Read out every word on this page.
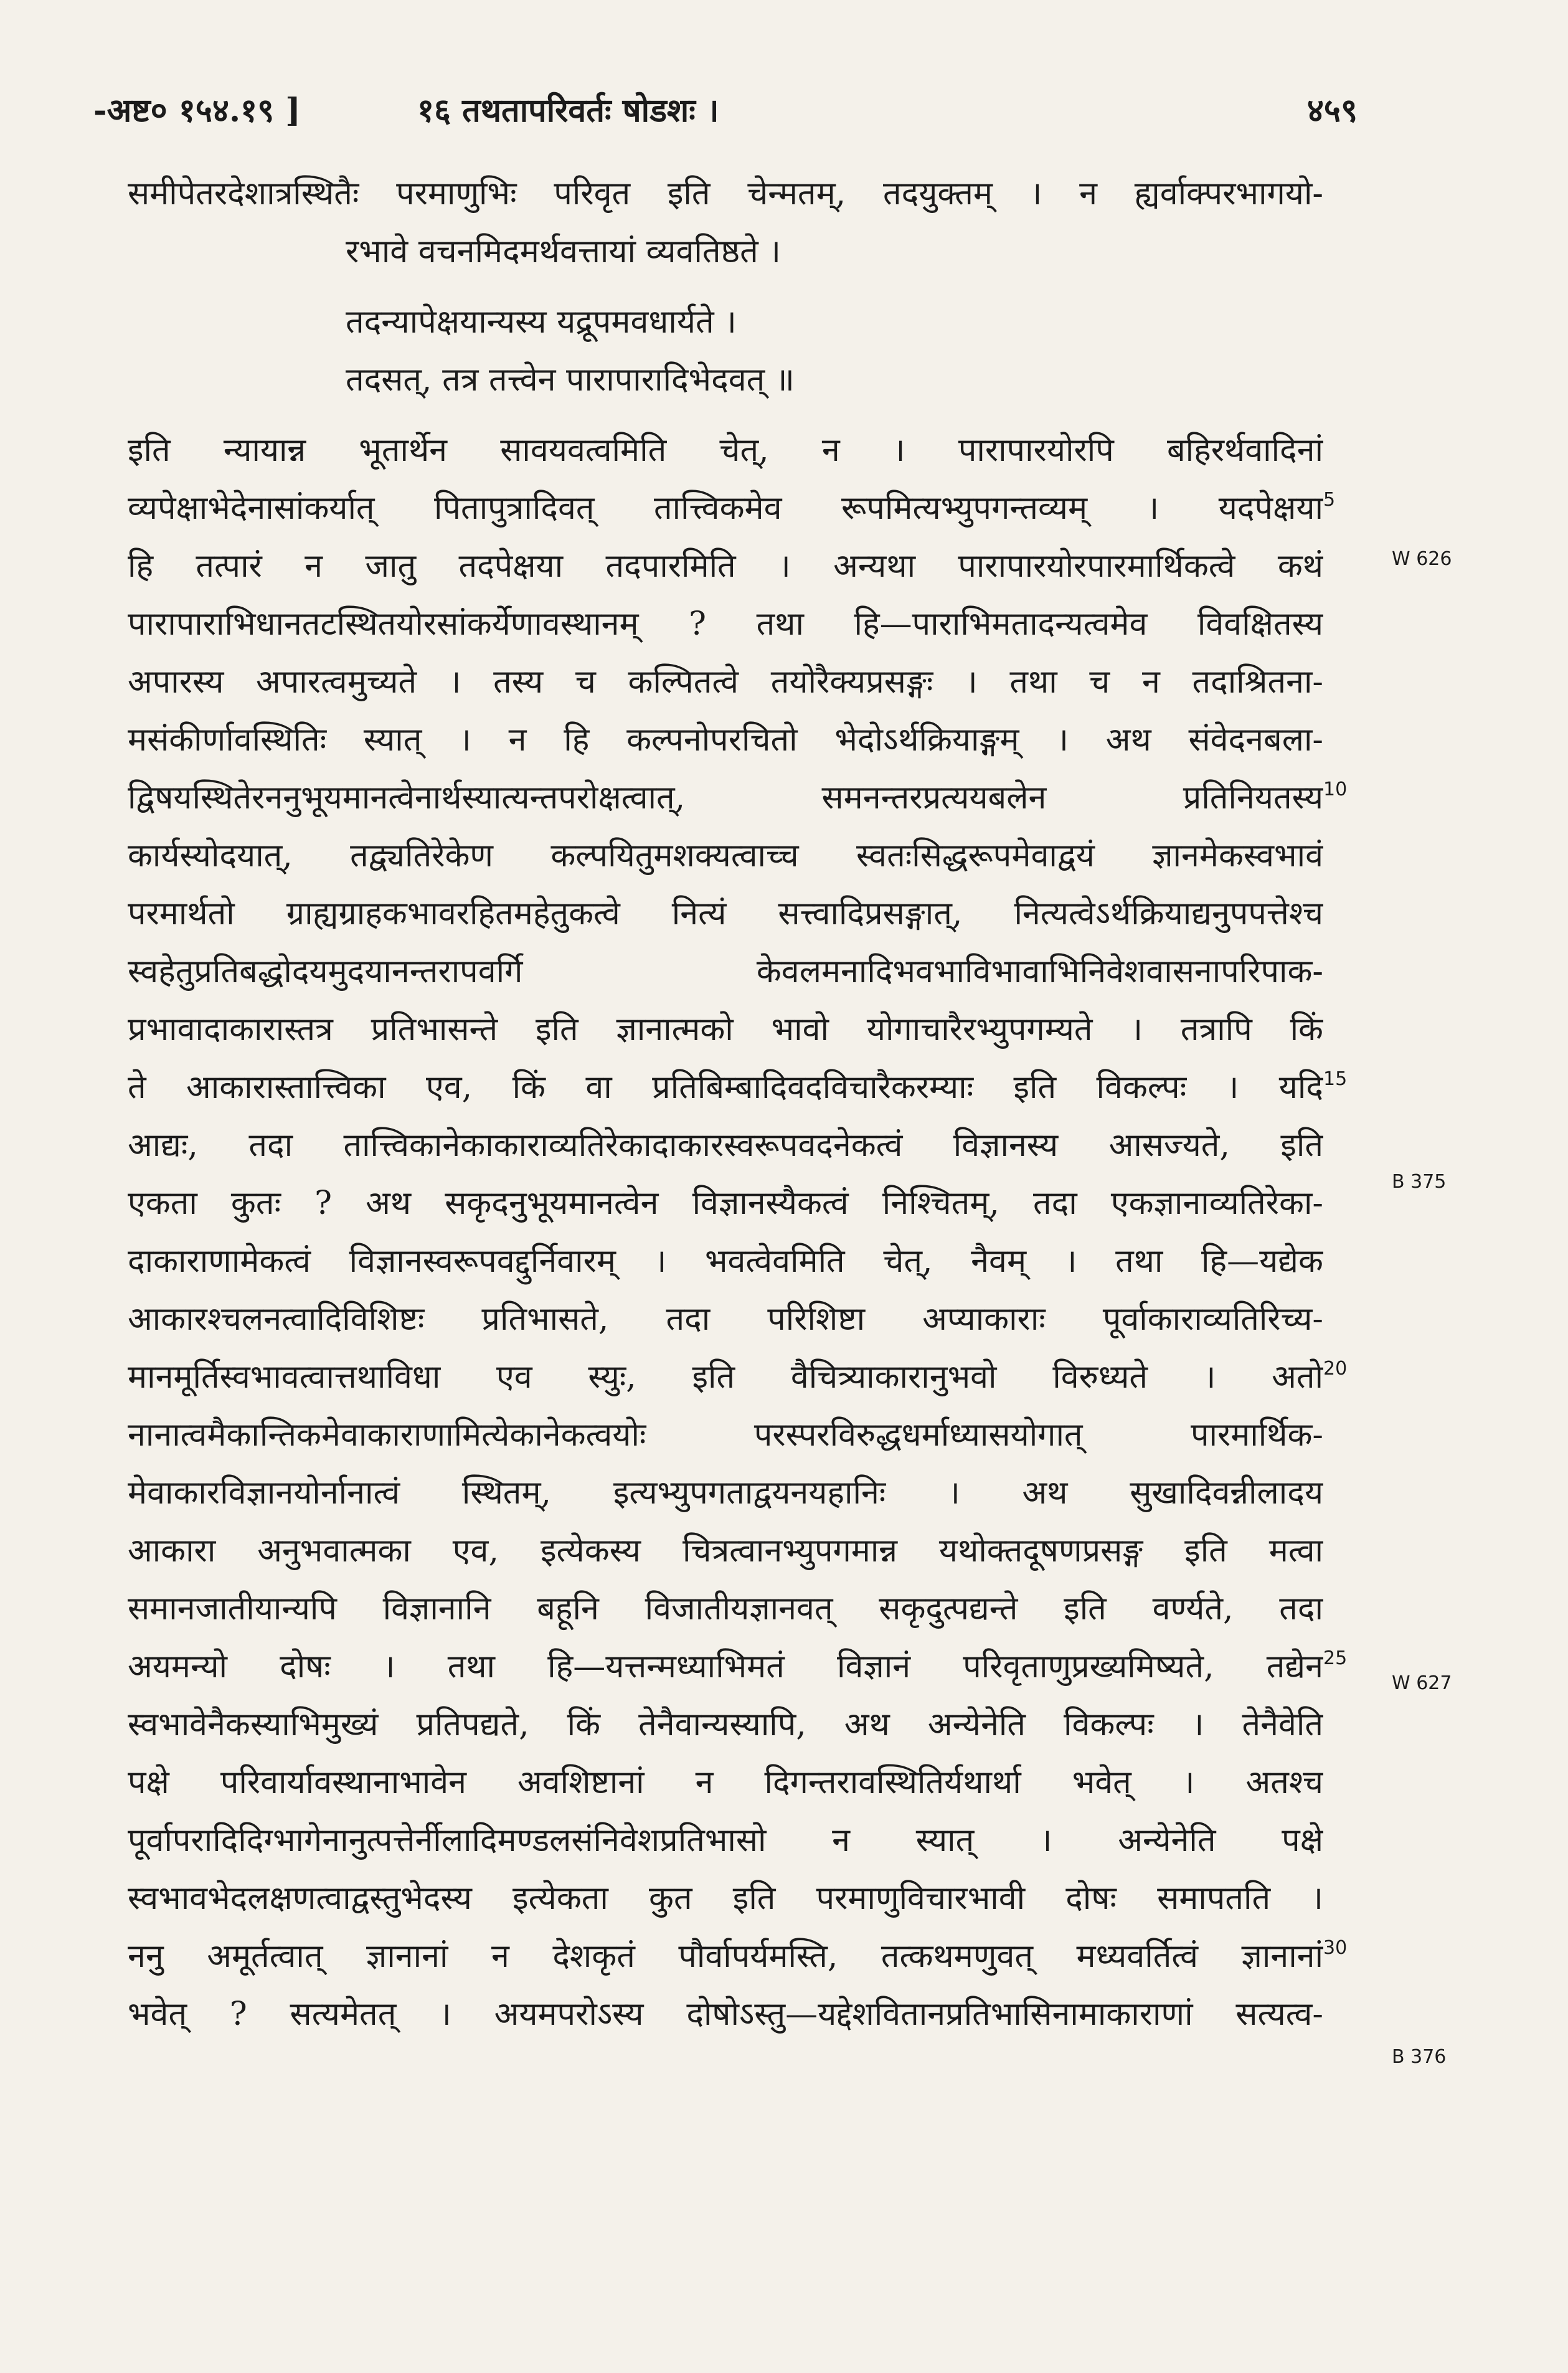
-अष्ट० १५४.१९ ]	१६ तथतापरिवर्तः षोडशः ।	४५९
समीपेतरदेशात्रस्थितैः परमाणुभिः परिवृत इति चेन्मतम्, तदयुक्तम् । न ह्यर्वाक्परभागयो-
रभावे वचनमिदमर्थवत्तायां व्यवतिष्ठते ।
तदन्यापेक्षयान्यस्य यद्रूपमवधार्यते ।
तदसत्, तत्र तत्त्वेन पारापारादिभेदवत् ॥
इति न्यायान्न भूतार्थेन सावयवत्वमिति चेत्, न । पारापारयोरपि बहिरर्थवादिनां
व्यपेक्षाभेदेनासांकर्यात् पितापुत्रादिवत् तात्त्विकमेव रूपमित्यभ्युपगन्तव्यम् । यदपेक्षया
हि तत्पारं न जातु तदपेक्षया तदपारमिति । अन्यथा पारापारयोरपारमार्थिकत्वे कथं
पारापाराभिधानतटस्थितयोरसांकर्येणावस्थानम् ? तथा हि—पाराभिमतादन्यत्वमेव विवक्षितस्य
अपारस्य अपारत्वमुच्यते । तस्य च कल्पितत्वे तयोरैक्यप्रसङ्गः । तथा च न तदाश्रितना-
मसंकीर्णावस्थितिः स्यात् । न हि कल्पनोपरचितो भेदोऽर्थक्रियाङ्गम् । अथ संवेदनबला-
द्विषयस्थितेरननुभूयमानत्वेनार्थस्यात्यन्तपरोक्षत्वात्, समनन्तरप्रत्ययबलेन प्रतिनियतस्य
कार्यस्योदयात्, तद्व्यतिरेकेण कल्पयितुमशक्यत्वाच्च स्वतःसिद्धरूपमेवाद्वयं ज्ञानमेकस्वभावं
परमार्थतो ग्राह्यग्राहकभावरहितमहेतुकत्वे नित्यं सत्त्वादिप्रसङ्गात्, नित्यत्वेऽर्थक्रियाद्यनुपपत्तेश्च
स्वहेतुप्रतिबद्धोदयमुदयानन्तरापवर्गि केवलमनादिभवभाविभावाभिनिवेशवासनापरिपाक-
प्रभावादाकारास्तत्र प्रतिभासन्ते इति ज्ञानात्मको भावो योगाचारैरभ्युपगम्यते । तत्रापि किं
ते आकारास्तात्त्विका एव, किं वा प्रतिबिम्बादिवदविचारैकरम्याः इति विकल्पः । यदि
आद्यः, तदा तात्त्विकानेकाकाराव्यतिरेकादाकारस्वरूपवदनेकत्वं विज्ञानस्य आसज्यते, इति
एकता कुतः ? अथ सकृदनुभूयमानत्वेन विज्ञानस्यैकत्वं निश्चितम्, तदा एकज्ञानाव्यतिरेका-
दाकाराणामेकत्वं विज्ञानस्वरूपवद्दुर्निवारम् । भवत्वेवमिति चेत्, नैवम् । तथा हि—यद्येक
आकारश्चलनत्वादिविशिष्टः प्रतिभासते, तदा परिशिष्टा अप्याकाराः पूर्वाकाराव्यतिरिच्य-
मानमूर्तिस्वभावत्वात्तथाविधा एव स्युः, इति वैचित्र्याकारानुभवो विरुध्यते । अतो
नानात्वमैकान्तिकमेवाकाराणामित्येकानेकत्वयोः परस्परविरुद्धधर्माध्यासयोगात् पारमार्थिक-
मेवाकारविज्ञानयोर्नानात्वं स्थितम्, इत्यभ्युपगताद्वयनयहानिः । अथ सुखादिवन्नीलादय
आकारा अनुभवात्मका एव, इत्येकस्य चित्रत्वानभ्युपगमान्न यथोक्तदूषणप्रसङ्ग इति मत्वा
समानजातीयान्यपि विज्ञानानि बहूनि विजातीयज्ञानवत् सकृदुत्पद्यन्ते इति वर्ण्यते, तदा
अयमन्यो दोषः । तथा हि—यत्तन्मध्याभिमतं विज्ञानं परिवृताणुप्रख्यमिष्यते, तद्येन
स्वभावेनैकस्याभिमुख्यं प्रतिपद्यते, किं तेनैवान्यस्यापि, अथ अन्येनेति विकल्पः । तेनैवेति
पक्षे परिवार्यावस्थानाभावेन अवशिष्टानां न दिगन्तरावस्थितिर्यथार्था भवेत् । अतश्च
पूर्वापरादिदिग्भागेनानुत्पत्तेर्नीलादिमण्डलसंनिवेशप्रतिभासो न स्यात् । अन्येनेति पक्षे
स्वभावभेदलक्षणत्वाद्वस्तुभेदस्य इत्येकता कुत इति परमाणुविचारभावी दोषः समापतति ।
ननु अमूर्तत्वात् ज्ञानानां न देशकृतं पौर्वापर्यमस्ति, तत्कथमणुवत् मध्यवर्तित्वं ज्ञानानां
भवेत् ? सत्यमेतत् । अयमपरोऽस्य दोषोऽस्तु—यद्देशवितानप्रतिभासिनामाकाराणां सत्यत्व-
5
10
15
20
25
30
W 626
B 375
W 627
B 376
